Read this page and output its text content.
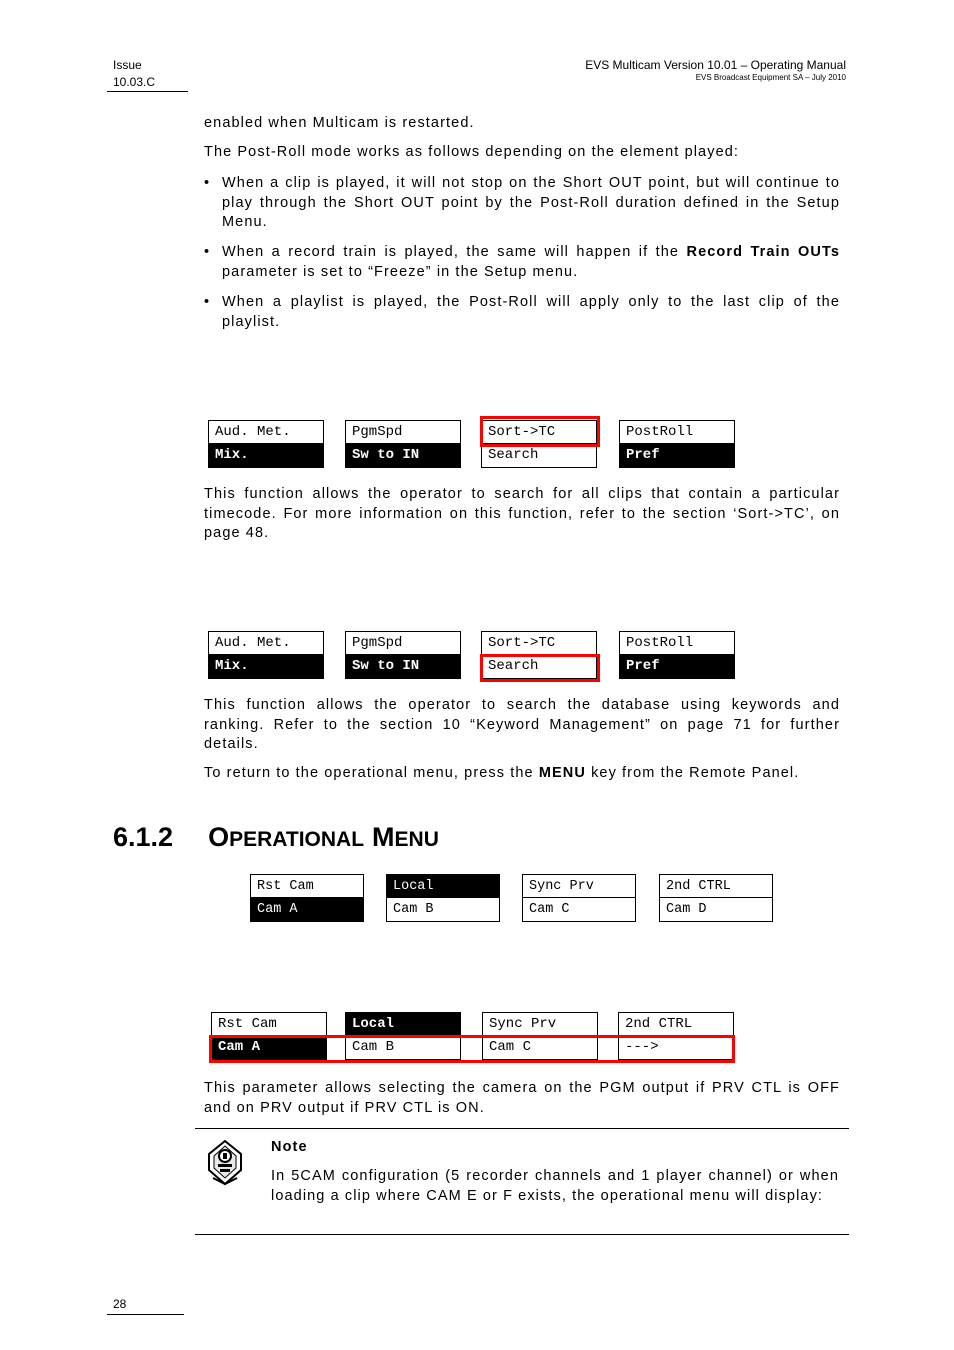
Issue
10.03.C
EVS Multicam Version 10.01 – Operating Manual
EVS Broadcast Equipment SA – July 2010
enabled when Multicam is restarted.
The Post-Roll mode works as follows depending on the element played:
• When a clip is played, it will not stop on the Short OUT point, but will continue to play through the Short OUT point by the Post-Roll duration defined in the Setup Menu.
• When a record train is played, the same will happen if the Record Train OUTs parameter is set to “Freeze” in the Setup menu.
• When a playlist is played, the Post-Roll will apply only to the last clip of the playlist.
Aud. Met.
Mix.
PgmSpd
Sw to IN
Sort->TC
Search
PostRoll
Pref
This function allows the operator to search for all clips that contain a particular timecode. For more information on this function, refer to the section ‘Sort->TC’, on page 48.
Aud. Met.
Mix.
PgmSpd
Sw to IN
Sort->TC
Search
PostRoll
Pref
This function allows the operator to search the database using keywords and ranking. Refer to the section 10 “Keyword Management” on page 71 for further details.
To return to the operational menu, press the MENU key from the Remote Panel.
6.1.2 OPERATIONAL MENU
Rst Cam
Cam A
Local
Cam B
Sync Prv
Cam C
2nd CTRL
Cam D
Rst Cam
Cam A
Local
Cam B
Sync Prv
Cam C
2nd CTRL
--->
This parameter allows selecting the camera on the PGM output if PRV CTL is OFF and on PRV output if PRV CTL is ON.
Note
In 5CAM configuration (5 recorder channels and 1 player channel) or when loading a clip where CAM E or F exists, the operational menu will display:
28
